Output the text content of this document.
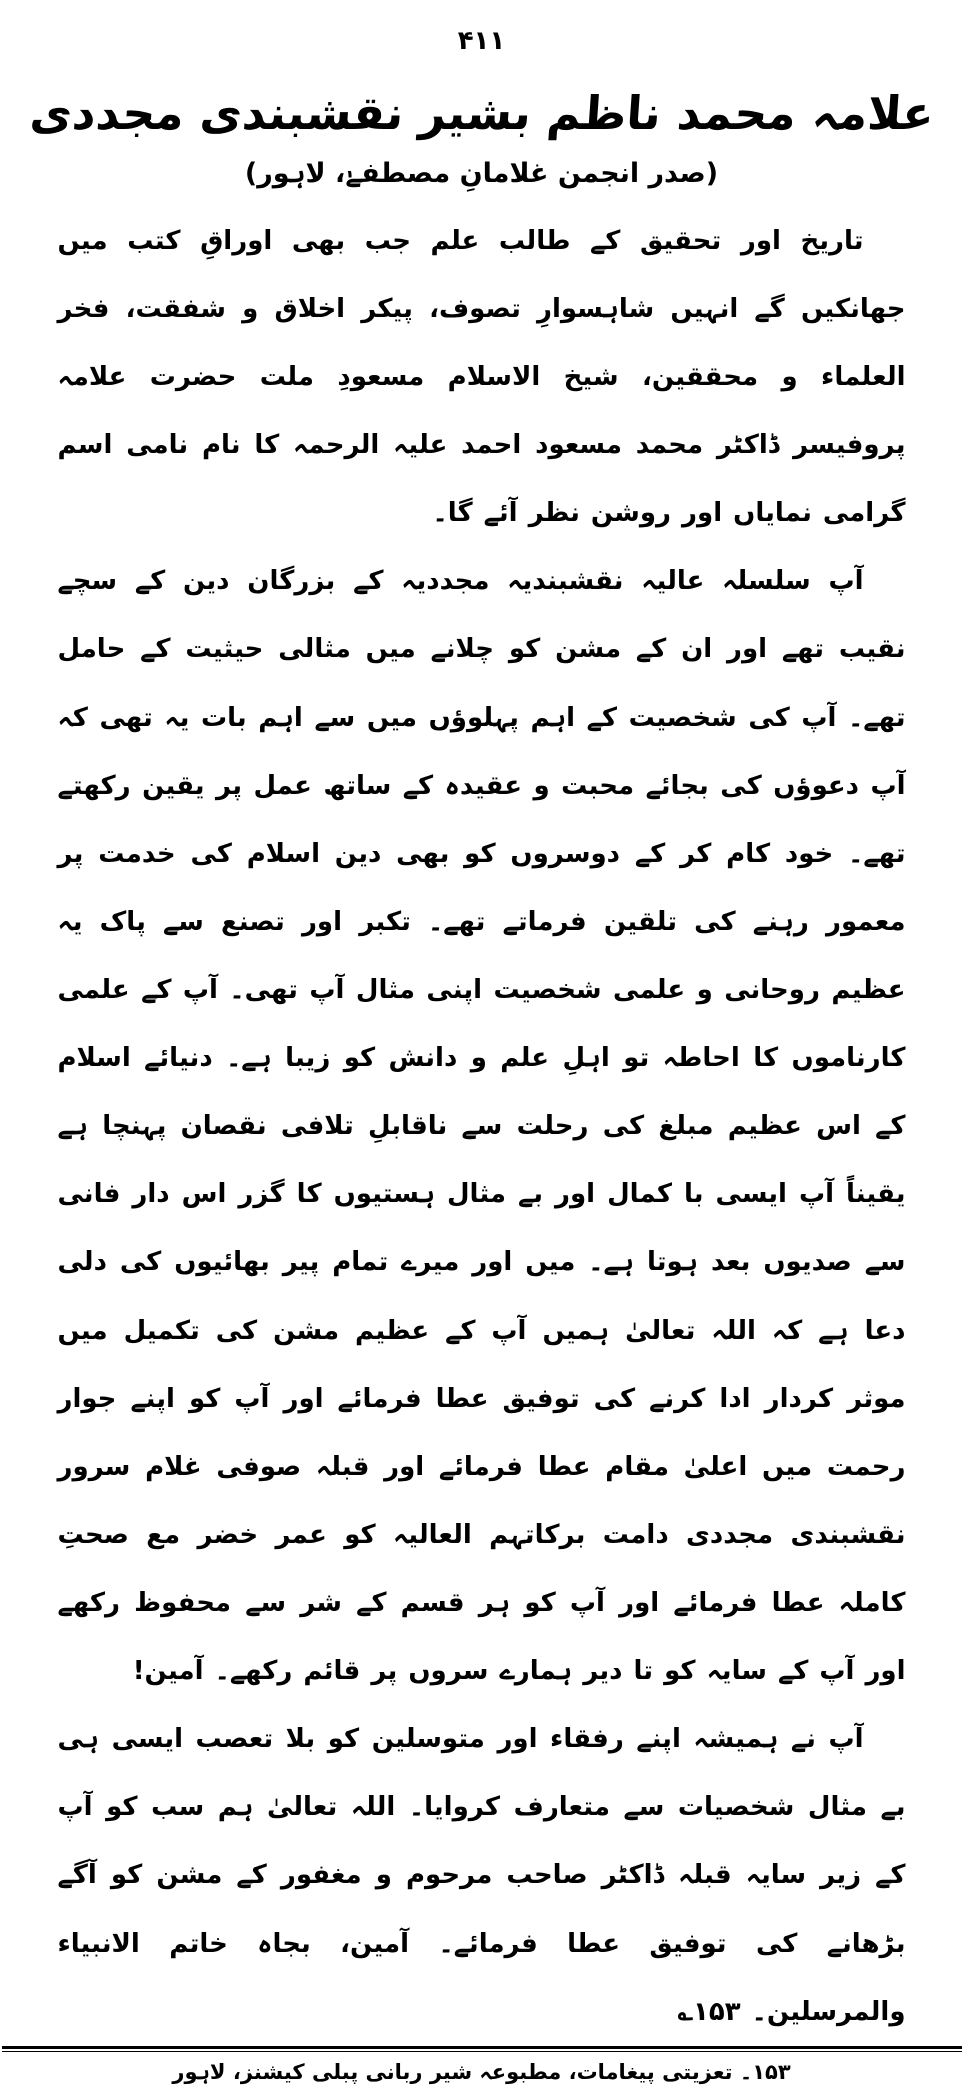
۴۱۱
علامہ محمد ناظم بشیر نقشبندی مجددی
(صدر انجمن غلامانِ مصطفےٰ، لاہور)

تاریخ اور تحقیق کے طالب علم جب بھی اوراقِ کتب میں جھانکیں گے انہیں شاہسوارِ تصوف، پیکر اخلاق و شفقت، فخر العلماء و محققین، شیخ الاسلام مسعودِ ملت حضرت علامہ پروفیسر ڈاکٹر محمد مسعود احمد علیہ الرحمہ کا نام نامی اسم گرامی نمایاں اور روشن نظر آئے گا۔

آپ سلسلہ عالیہ نقشبندیہ مجددیہ کے بزرگان دین کے سچے نقیب تھے اور ان کے مشن کو چلانے میں مثالی حیثیت کے حامل تھے۔ آپ کی شخصیت کے اہم پہلوؤں میں سے اہم بات یہ تھی کہ آپ دعوؤں کی بجائے محبت و عقیدہ کے ساتھ عمل پر یقین رکھتے تھے۔ خود کام کر کے دوسروں کو بھی دین اسلام کی خدمت پر معمور رہنے کی تلقین فرماتے تھے۔ تکبر اور تصنع سے پاک یہ عظیم روحانی و علمی شخصیت اپنی مثال آپ تھی۔ آپ کے علمی کارناموں کا احاطہ تو اہلِ علم و دانش کو زیبا ہے۔ دنیائے اسلام کے اس عظیم مبلغ کی رحلت سے ناقابلِ تلافی نقصان پہنچا ہے یقیناً آپ ایسی با کمال اور بے مثال ہستیوں کا گزر اس دار فانی سے صدیوں بعد ہوتا ہے۔ میں اور میرے تمام پیر بھائیوں کی دلی دعا ہے کہ اللہ تعالیٰ ہمیں آپ کے عظیم مشن کی تکمیل میں موثر کردار ادا کرنے کی توفیق عطا فرمائے اور آپ کو اپنے جوار رحمت میں اعلیٰ مقام عطا فرمائے اور قبلہ صوفی غلام سرور نقشبندی مجددی دامت برکاتہم العالیہ کو عمر خضر مع صحتِ کاملہ عطا فرمائے اور آپ کو ہر قسم کے شر سے محفوظ رکھے اور آپ کے سایہ کو تا دیر ہمارے سروں پر قائم رکھے۔ آمین!

آپ نے ہمیشہ اپنے رفقاء اور متوسلین کو بلا تعصب ایسی ہی بے مثال شخصیات سے متعارف کروایا۔ اللہ تعالیٰ ہم سب کو آپ کے زیر سایہ قبلہ ڈاکٹر صاحب مرحوم و مغفور کے مشن کو آگے بڑھانے کی توفیق عطا فرمائے۔ آمین، بجاہ خاتم الانبیاء والمرسلین۔ ۱۵۳؎

۱۵۳۔ تعزیتی پیغامات، مطبوعہ شیر ربانی پبلی کیشنز، لاہور
